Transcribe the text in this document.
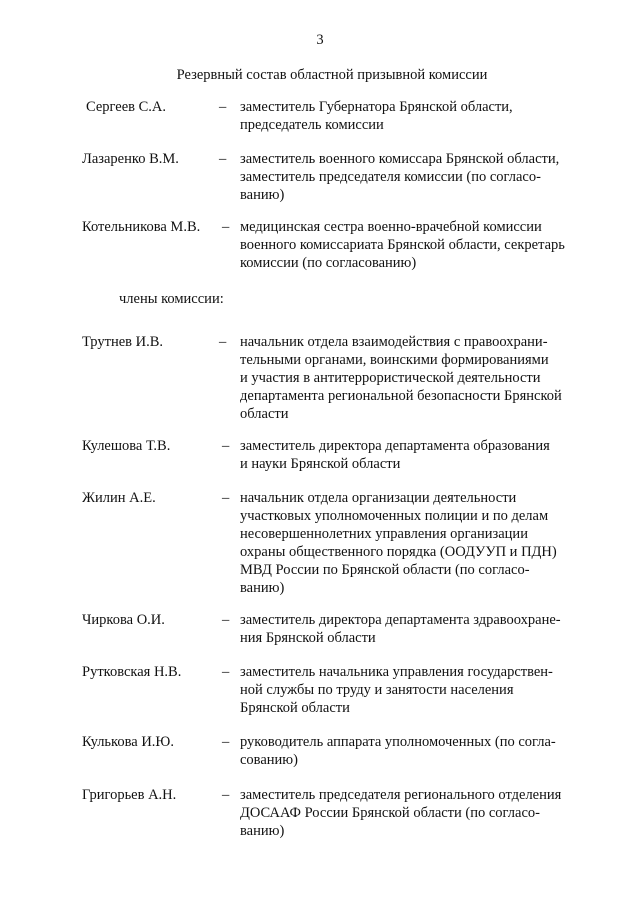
3
Резервный состав областной призывной комиссии
Сергеев С.А.	– заместитель Губернатора Брянской области,
председатель комиссии
Лазаренко В.М.	– заместитель военного комиссара Брянской области,
заместитель председателя комиссии (по согласо-
ванию)
Котельникова М.В. – медицинская сестра военно-врачебной комиссии
военного комиссариата Брянской области, секретарь
комиссии (по согласованию)
члены комиссии:
Трутнев И.В.	– начальник отдела взаимодействия с правоохрани-
тельными органами, воинскими формированиями
и участия в антитеррористической деятельности
департамента региональной безопасности Брянской
области
Кулешова Т.В.	– заместитель директора департамента образования
и науки Брянской области
Жилин А.Е.	– начальник отдела организации деятельности
участковых уполномоченных полиции и по делам
несовершеннолетних управления организации
охраны общественного порядка (ООДУУП и ПДН)
МВД России по Брянской области (по согласо-
ванию)
Чиркова О.И.	– заместитель директора департамента здравоохране-
ния Брянской области
Рутковская Н.В.	– заместитель начальника управления государствен-
ной службы по труду и занятости населения
Брянской области
Кулькова И.Ю.	– руководитель аппарата уполномоченных (по согла-
сованию)
Григорьев А.Н.	– заместитель председателя регионального отделения
ДОСААФ России Брянской области (по согласо-
ванию)
